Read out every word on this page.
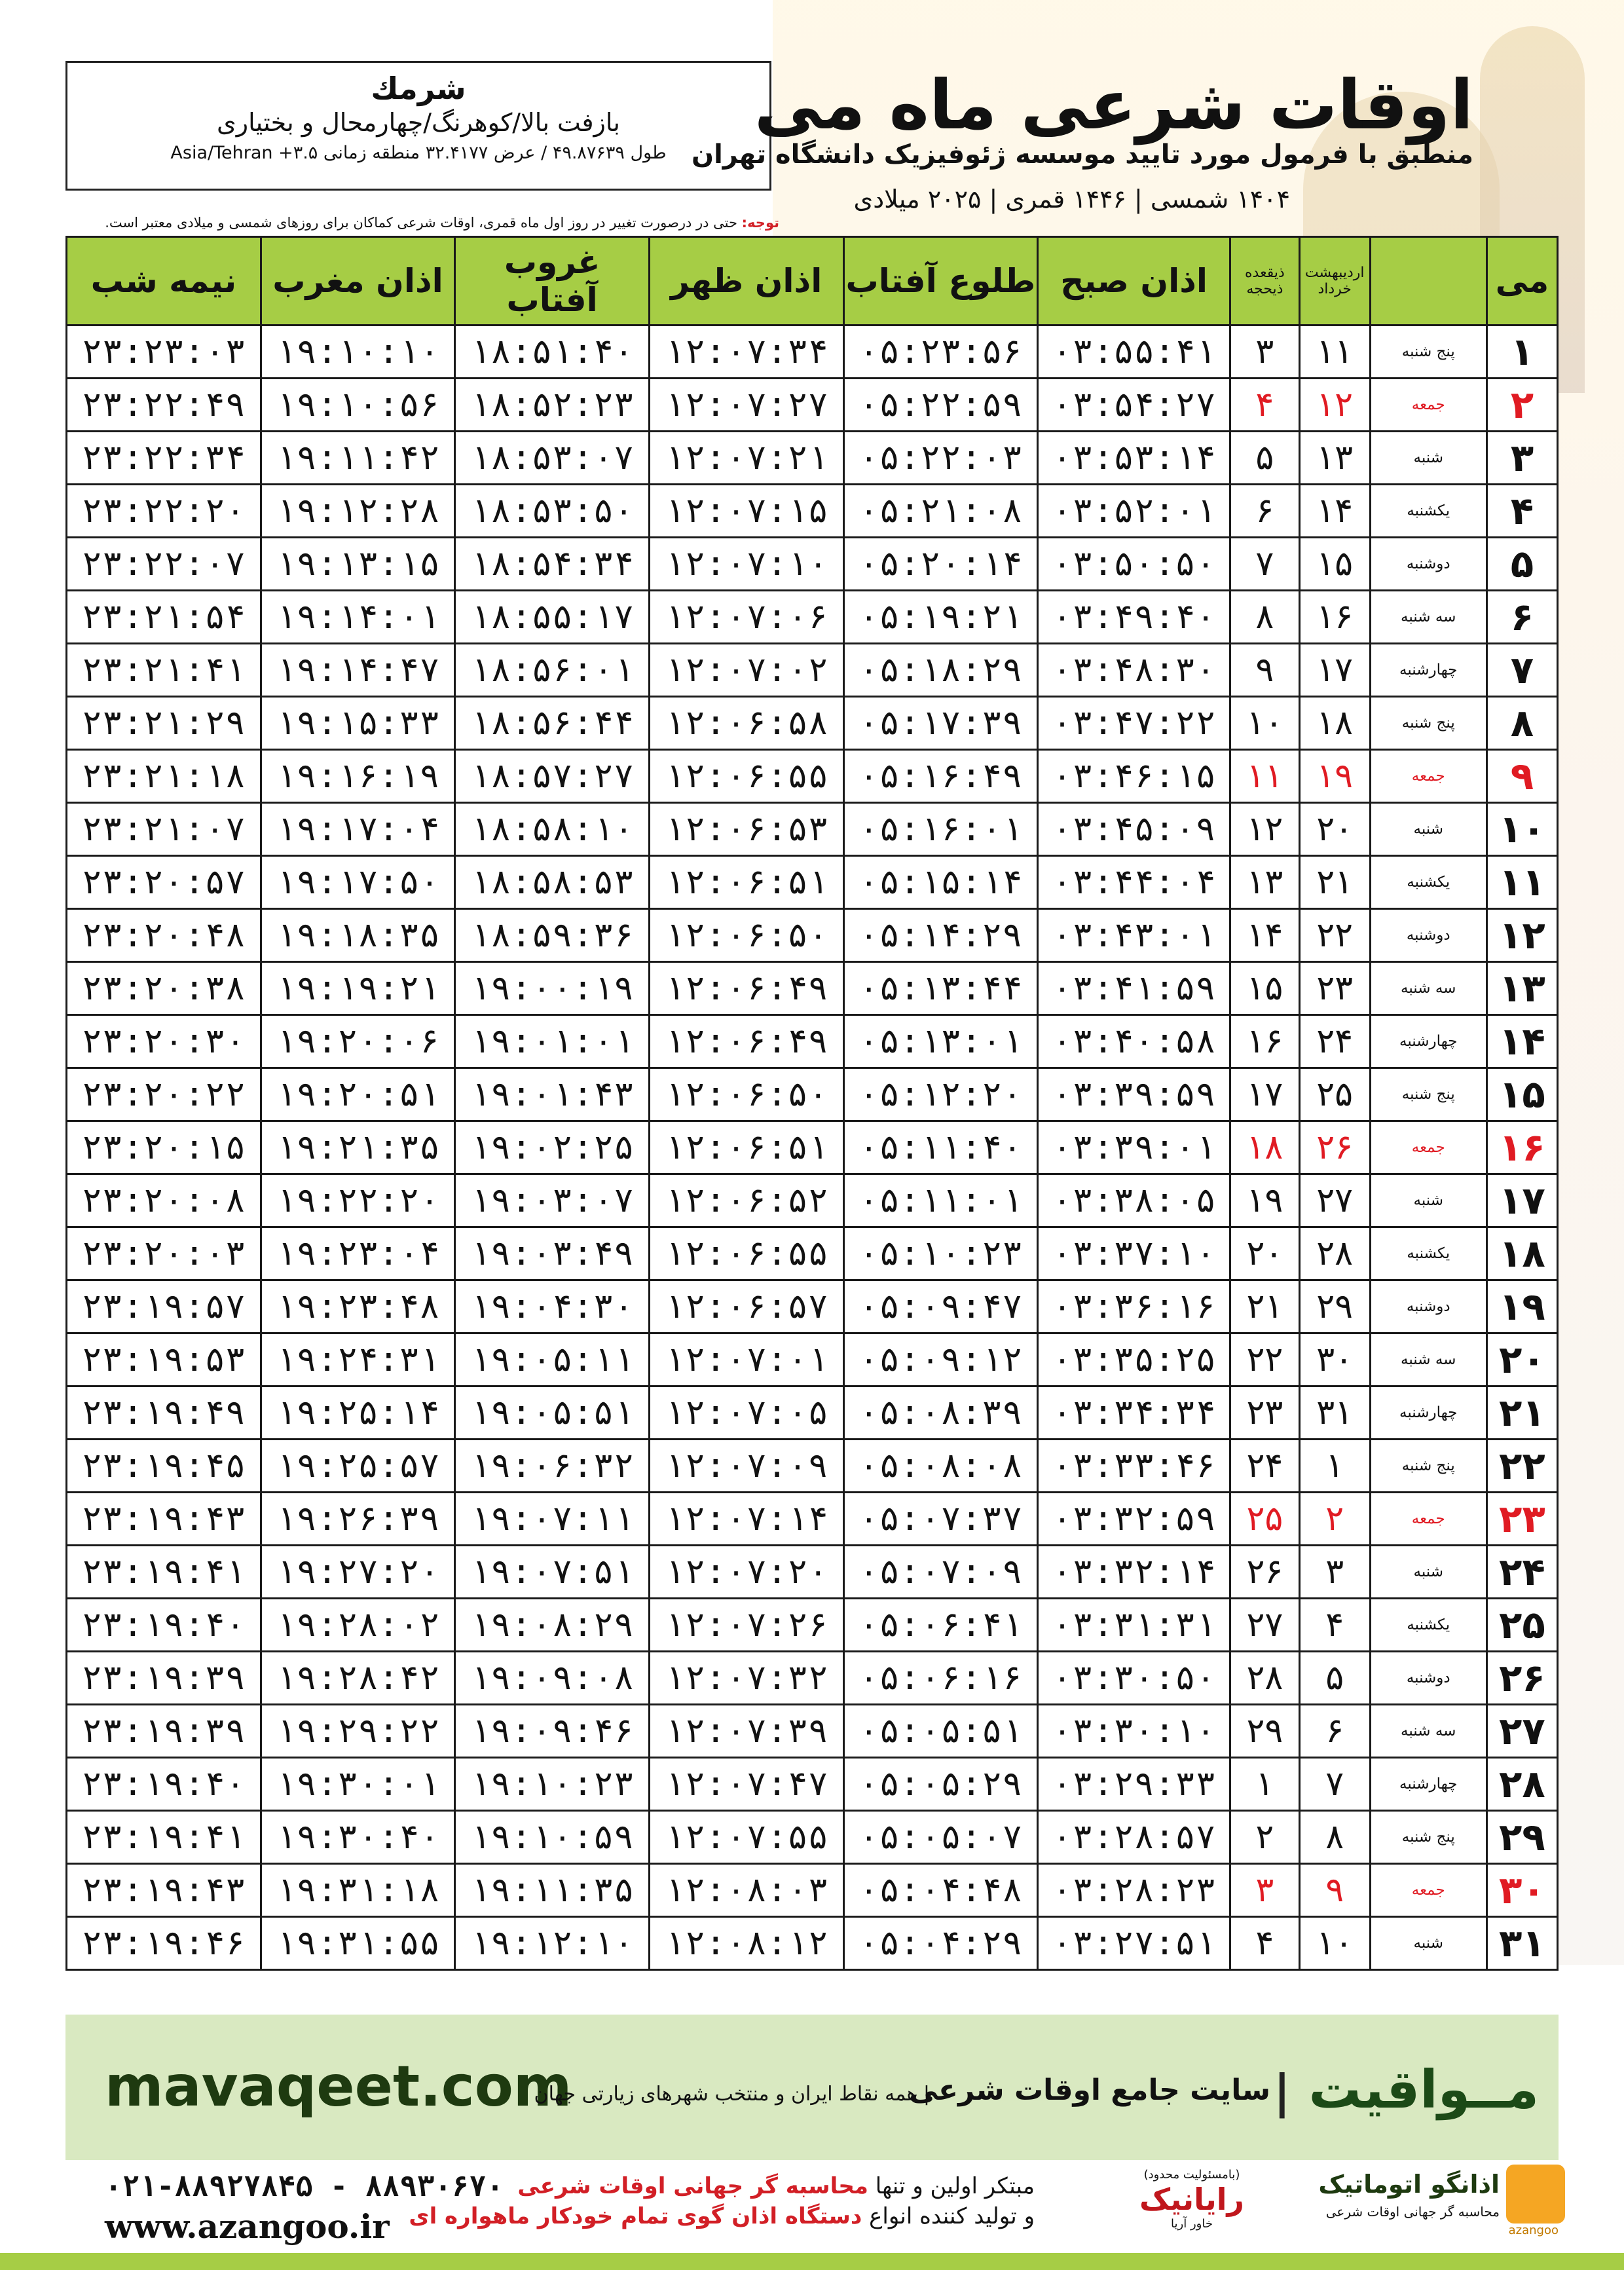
شرمك
بازفت بالا/کوهرنگ/چهارمحال و بختیاری
طول ۴۹.۸۷۶۳۹ / عرض ۳۲.۴۱۷۷ منطقه زمانی ۳.۵+ Asia/Tehran
اوقات شرعی ماه می
منطبق با فرمول مورد تایید موسسه ژئوفیزیک دانشگاه تهران
۱۴۰۴ شمسی | ۱۴۴۶ قمری | ۲۰۲۵ میلادی
توجه: حتی در درصورت تغییر در روز اول ماه قمری، اوقات شرعی کماکان برای روزهای شمسی و میلادی معتبر است.
می		اردیبهشت خرداد	ذیقعده ذیحجه	اذان صبح	طلوع آفتاب	اذان ظهر	غروب آفتاب	اذان مغرب	نیمه شب
۱	پنج شنبه	۱۱	۳	۰۳:۵۵:۴۱	۰۵:۲۳:۵۶	۱۲:۰۷:۳۴	۱۸:۵۱:۴۰	۱۹:۱۰:۱۰	۲۳:۲۳:۰۳
۲	جمعه	۱۲	۴	۰۳:۵۴:۲۷	۰۵:۲۲:۵۹	۱۲:۰۷:۲۷	۱۸:۵۲:۲۳	۱۹:۱۰:۵۶	۲۳:۲۲:۴۹
۳	شنبه	۱۳	۵	۰۳:۵۳:۱۴	۰۵:۲۲:۰۳	۱۲:۰۷:۲۱	۱۸:۵۳:۰۷	۱۹:۱۱:۴۲	۲۳:۲۲:۳۴
۴	یکشنبه	۱۴	۶	۰۳:۵۲:۰۱	۰۵:۲۱:۰۸	۱۲:۰۷:۱۵	۱۸:۵۳:۵۰	۱۹:۱۲:۲۸	۲۳:۲۲:۲۰
۵	دوشنبه	۱۵	۷	۰۳:۵۰:۵۰	۰۵:۲۰:۱۴	۱۲:۰۷:۱۰	۱۸:۵۴:۳۴	۱۹:۱۳:۱۵	۲۳:۲۲:۰۷
۶	سه شنبه	۱۶	۸	۰۳:۴۹:۴۰	۰۵:۱۹:۲۱	۱۲:۰۷:۰۶	۱۸:۵۵:۱۷	۱۹:۱۴:۰۱	۲۳:۲۱:۵۴
۷	چهارشنبه	۱۷	۹	۰۳:۴۸:۳۰	۰۵:۱۸:۲۹	۱۲:۰۷:۰۲	۱۸:۵۶:۰۱	۱۹:۱۴:۴۷	۲۳:۲۱:۴۱
۸	پنج شنبه	۱۸	۱۰	۰۳:۴۷:۲۲	۰۵:۱۷:۳۹	۱۲:۰۶:۵۸	۱۸:۵۶:۴۴	۱۹:۱۵:۳۳	۲۳:۲۱:۲۹
۹	جمعه	۱۹	۱۱	۰۳:۴۶:۱۵	۰۵:۱۶:۴۹	۱۲:۰۶:۵۵	۱۸:۵۷:۲۷	۱۹:۱۶:۱۹	۲۳:۲۱:۱۸
۱۰	شنبه	۲۰	۱۲	۰۳:۴۵:۰۹	۰۵:۱۶:۰۱	۱۲:۰۶:۵۳	۱۸:۵۸:۱۰	۱۹:۱۷:۰۴	۲۳:۲۱:۰۷
۱۱	یکشنبه	۲۱	۱۳	۰۳:۴۴:۰۴	۰۵:۱۵:۱۴	۱۲:۰۶:۵۱	۱۸:۵۸:۵۳	۱۹:۱۷:۵۰	۲۳:۲۰:۵۷
۱۲	دوشنبه	۲۲	۱۴	۰۳:۴۳:۰۱	۰۵:۱۴:۲۹	۱۲:۰۶:۵۰	۱۸:۵۹:۳۶	۱۹:۱۸:۳۵	۲۳:۲۰:۴۸
۱۳	سه شنبه	۲۳	۱۵	۰۳:۴۱:۵۹	۰۵:۱۳:۴۴	۱۲:۰۶:۴۹	۱۹:۰۰:۱۹	۱۹:۱۹:۲۱	۲۳:۲۰:۳۸
۱۴	چهارشنبه	۲۴	۱۶	۰۳:۴۰:۵۸	۰۵:۱۳:۰۱	۱۲:۰۶:۴۹	۱۹:۰۱:۰۱	۱۹:۲۰:۰۶	۲۳:۲۰:۳۰
۱۵	پنج شنبه	۲۵	۱۷	۰۳:۳۹:۵۹	۰۵:۱۲:۲۰	۱۲:۰۶:۵۰	۱۹:۰۱:۴۳	۱۹:۲۰:۵۱	۲۳:۲۰:۲۲
۱۶	جمعه	۲۶	۱۸	۰۳:۳۹:۰۱	۰۵:۱۱:۴۰	۱۲:۰۶:۵۱	۱۹:۰۲:۲۵	۱۹:۲۱:۳۵	۲۳:۲۰:۱۵
۱۷	شنبه	۲۷	۱۹	۰۳:۳۸:۰۵	۰۵:۱۱:۰۱	۱۲:۰۶:۵۲	۱۹:۰۳:۰۷	۱۹:۲۲:۲۰	۲۳:۲۰:۰۸
۱۸	یکشنبه	۲۸	۲۰	۰۳:۳۷:۱۰	۰۵:۱۰:۲۳	۱۲:۰۶:۵۵	۱۹:۰۳:۴۹	۱۹:۲۳:۰۴	۲۳:۲۰:۰۳
۱۹	دوشنبه	۲۹	۲۱	۰۳:۳۶:۱۶	۰۵:۰۹:۴۷	۱۲:۰۶:۵۷	۱۹:۰۴:۳۰	۱۹:۲۳:۴۸	۲۳:۱۹:۵۷
۲۰	سه شنبه	۳۰	۲۲	۰۳:۳۵:۲۵	۰۵:۰۹:۱۲	۱۲:۰۷:۰۱	۱۹:۰۵:۱۱	۱۹:۲۴:۳۱	۲۳:۱۹:۵۳
۲۱	چهارشنبه	۳۱	۲۳	۰۳:۳۴:۳۴	۰۵:۰۸:۳۹	۱۲:۰۷:۰۵	۱۹:۰۵:۵۱	۱۹:۲۵:۱۴	۲۳:۱۹:۴۹
۲۲	پنج شنبه	۱	۲۴	۰۳:۳۳:۴۶	۰۵:۰۸:۰۸	۱۲:۰۷:۰۹	۱۹:۰۶:۳۲	۱۹:۲۵:۵۷	۲۳:۱۹:۴۵
۲۳	جمعه	۲	۲۵	۰۳:۳۲:۵۹	۰۵:۰۷:۳۷	۱۲:۰۷:۱۴	۱۹:۰۷:۱۱	۱۹:۲۶:۳۹	۲۳:۱۹:۴۳
۲۴	شنبه	۳	۲۶	۰۳:۳۲:۱۴	۰۵:۰۷:۰۹	۱۲:۰۷:۲۰	۱۹:۰۷:۵۱	۱۹:۲۷:۲۰	۲۳:۱۹:۴۱
۲۵	یکشنبه	۴	۲۷	۰۳:۳۱:۳۱	۰۵:۰۶:۴۱	۱۲:۰۷:۲۶	۱۹:۰۸:۲۹	۱۹:۲۸:۰۲	۲۳:۱۹:۴۰
۲۶	دوشنبه	۵	۲۸	۰۳:۳۰:۵۰	۰۵:۰۶:۱۶	۱۲:۰۷:۳۲	۱۹:۰۹:۰۸	۱۹:۲۸:۴۲	۲۳:۱۹:۳۹
۲۷	سه شنبه	۶	۲۹	۰۳:۳۰:۱۰	۰۵:۰۵:۵۱	۱۲:۰۷:۳۹	۱۹:۰۹:۴۶	۱۹:۲۹:۲۲	۲۳:۱۹:۳۹
۲۸	چهارشنبه	۷	۱	۰۳:۲۹:۳۳	۰۵:۰۵:۲۹	۱۲:۰۷:۴۷	۱۹:۱۰:۲۳	۱۹:۳۰:۰۱	۲۳:۱۹:۴۰
۲۹	پنج شنبه	۸	۲	۰۳:۲۸:۵۷	۰۵:۰۵:۰۷	۱۲:۰۷:۵۵	۱۹:۱۰:۵۹	۱۹:۳۰:۴۰	۲۳:۱۹:۴۱
۳۰	جمعه	۹	۳	۰۳:۲۸:۲۳	۰۵:۰۴:۴۸	۱۲:۰۸:۰۳	۱۹:۱۱:۳۵	۱۹:۳۱:۱۸	۲۳:۱۹:۴۳
۳۱	شنبه	۱۰	۴	۰۳:۲۷:۵۱	۰۵:۰۴:۲۹	۱۲:۰۸:۱۲	۱۹:۱۲:۱۰	۱۹:۳۱:۵۵	۲۳:۱۹:۴۶
mavaqeet.com	مــواقیت |
سایت جامع اوقات شرعی
| همه نقاط ایران و منتخب شهرهای زیارتی جهان
۰۲۱-۸۸۹۲۷۸۴۵ - ۸۸۹۳۰۶۷۰
www.azangoo.ir
مبتکر اولین و تنها محاسبه گر جهانی اوقات شرعی
و تولید کننده انواع دستگاه اذان گوی تمام خودکار ماهواره ای
(بامسئولیت محدود)
رایانیک
خاور آریا
اذانگو اتوماتیک
محاسبه گر جهانی اوقات شرعی
azangoo
